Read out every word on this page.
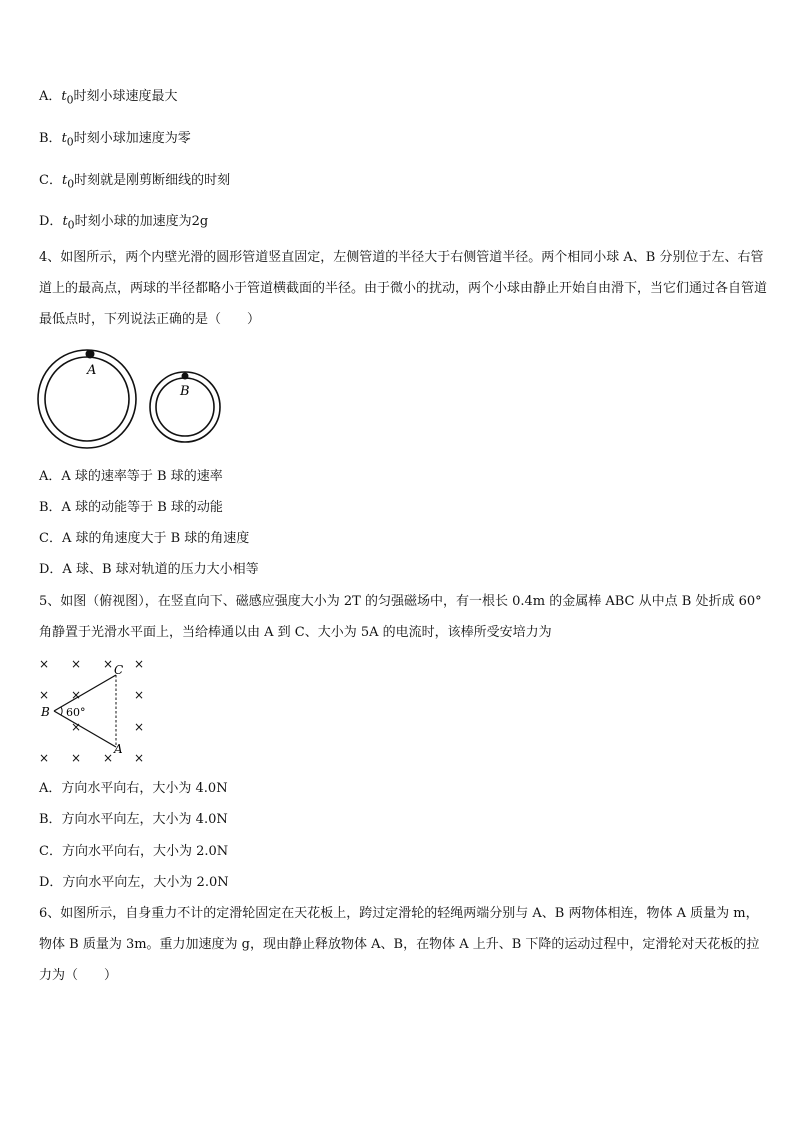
A．$t_0$时刻小球速度最大
B．$t_0$时刻小球加速度为零
C．$t_0$时刻就是刚剪断细线的时刻
D．$t_0$时刻小球的加速度为2g
4、如图所示，两个内壁光滑的圆形管道竖直固定，左侧管道的半径大于右侧管道半径。两个相同小球 A、B 分别位于左、右管道上的最高点，两球的半径都略小于管道横截面的半径。由于微小的扰动，两个小球由静止开始自由滑下，当它们通过各自管道最低点时，下列说法正确的是（　　）
A
B
A．A 球的速率等于 B 球的速率
B．A 球的动能等于 B 球的动能
C．A 球的角速度大于 B 球的角速度
D．A 球、B 球对轨道的压力大小相等
5、如图（俯视图），在竖直向下、磁感应强度大小为 2T 的匀强磁场中，有一根长 0.4m 的金属棒 ABC 从中点 B 处折成 60°角静置于光滑水平面上，当给棒通以由 A 到 C、大小为 5A 的电流时，该棒所受安培力为
× × × ×
× ×	×
×	×
× × × ×
B
C
A
60°
A．方向水平向右，大小为 4.0N
B．方向水平向左，大小为 4.0N
C．方向水平向右，大小为 2.0N
D．方向水平向左，大小为 2.0N
6、如图所示，自身重力不计的定滑轮固定在天花板上，跨过定滑轮的轻绳两端分别与 A、B 两物体相连，物体 A 质量为 m，物体 B 质量为 3m。重力加速度为 g，现由静止释放物体 A、B，在物体 A 上升、B 下降的运动过程中，定滑轮对天花板的拉力为（　　）
